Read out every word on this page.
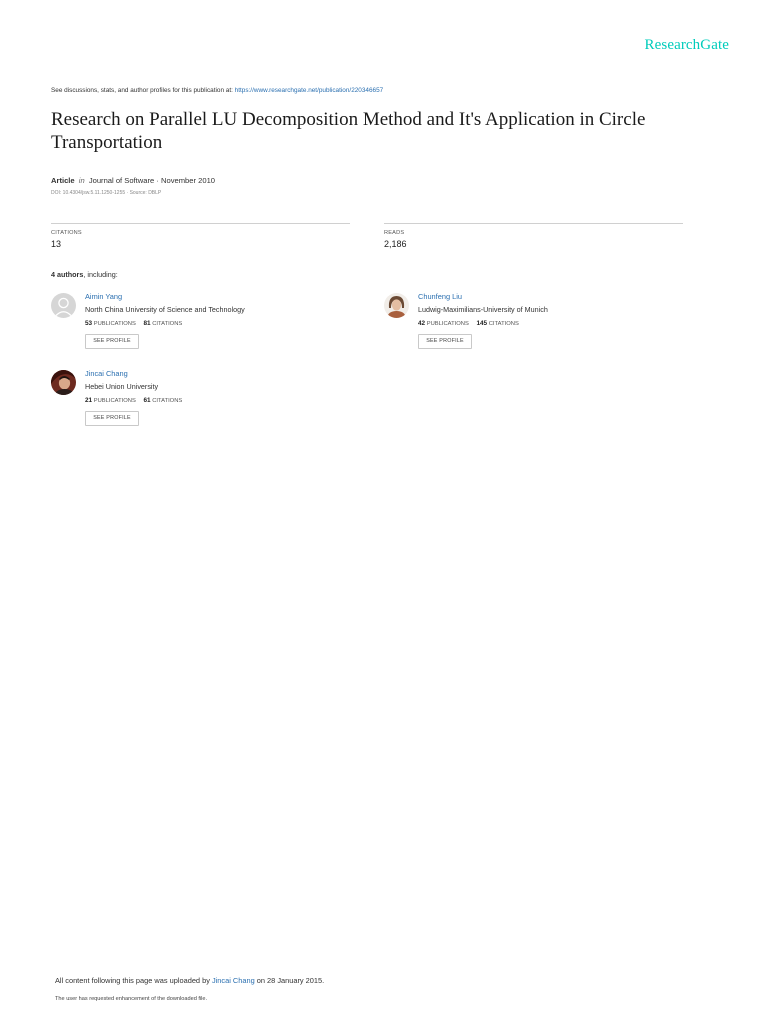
ResearchGate
See discussions, stats, and author profiles for this publication at: https://www.researchgate.net/publication/220346657
Research on Parallel LU Decomposition Method and It's Application in Circle Transportation
Article in Journal of Software · November 2010
DOI: 10.4304/jsw.5.11.1250-1255 · Source: DBLP
CITATIONS
13
READS
2,186
4 authors, including:
Aimin Yang
North China University of Science and Technology
53 PUBLICATIONS 81 CITATIONS
SEE PROFILE
Chunfeng Liu
Ludwig-Maximilians-University of Munich
42 PUBLICATIONS 145 CITATIONS
SEE PROFILE
Jincai Chang
Hebei Union University
21 PUBLICATIONS 61 CITATIONS
SEE PROFILE
All content following this page was uploaded by Jincai Chang on 28 January 2015.
The user has requested enhancement of the downloaded file.
